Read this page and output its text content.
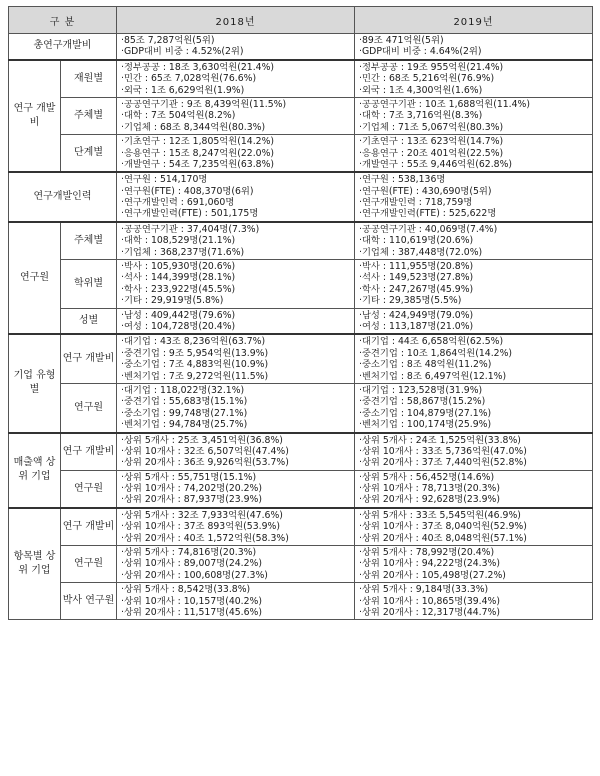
구 분		2018년	2019년
총연구개발비		·85조 7,287억원(5위)
·GDP대비 비중 : 4.52%(2위)	·89조 471억원(5위)
·GDP대비 비중 : 4.64%(2위)

연구 개발비	재원별	·정부공공 : 18조 3,630억원(21.4%)
·민간 : 65조 7,028억원(76.6%)
·외국 : 1조 6,629억원(1.9%)	·정부공공 : 19조 955억원(21.4%)
·민간 : 68조 5,216억원(76.9%)
·외국 : 1조 4,300억원(1.6%)

	주체별	·공공연구기관 : 9조 8,439억원(11.5%)
·대학 : 7조 504억원(8.2%)
·기업체 : 68조 8,344억원(80.3%)	·공공연구기관 : 10조 1,688억원(11.4%)
·대학 : 7조 3,716억원(8.3%)
·기업체 : 71조 5,067억원(80.3%)

	단계별	·기초연구 : 12조 1,805억원(14.2%)
·응용연구 : 15조 8,247억원(22.0%)
·개발연구 : 54조 7,235억원(63.8%)	·기초연구 : 13조 623억원(14.7%)
·응용연구 : 20조 401억원(22.5%)
·개발연구 : 55조 9,446억원(62.8%)

연구개발인력		·연구원 : 514,170명
·연구원(FTE) : 408,370명(6위)
·연구개발인력 : 691,060명
·연구개발인력(FTE) : 501,175명	·연구원 : 538,136명
·연구원(FTE) : 430,690명(5위)
·연구개발인력 : 718,759명
·연구개발인력(FTE) : 525,622명

연구원	주체별	·공공연구기관 : 37,404명(7.3%)
·대학 : 108,529명(21.1%)
·기업체 : 368,237명(71.6%)	·공공연구기관 : 40,069명(7.4%)
·대학 : 110,619명(20.6%)
·기업체 : 387,448명(72.0%)

	학위별	·박사 : 105,930명(20.6%)
·석사 : 144,399명(28.1%)
·학사 : 233,922명(45.5%)
·기타 : 29,919명(5.8%)	·박사 : 111,955명(20.8%)
·석사 : 149,523명(27.8%)
·학사 : 247,267명(45.9%)
·기타 : 29,385명(5.5%)

	성별	·남성 : 409,442명(79.6%)
·여성 : 104,728명(20.4%)	·남성 : 424,949명(79.0%)
·여성 : 113,187명(21.0%)

기업 유형별	연구 개발비	·대기업 : 43조 8,236억원(63.7%)
·중견기업 : 9조 5,954억원(13.9%)
·중소기업 : 7조 4,883억원(10.9%)
·벤처기업 : 7조 9,272억원(11.5%)	·대기업 : 44조 6,658억원(62.5%)
·중견기업 : 10조 1,864억원(14.2%)
·중소기업 : 8조 48억원(11.2%)
·벤처기업 : 8조 6,497억원(12.1%)

	연구원	·대기업 : 118,022명(32.1%)
·중견기업 : 55,683명(15.1%)
·중소기업 : 99,748명(27.1%)
·벤처기업 : 94,784명(25.7%)	·대기업 : 123,528명(31.9%)
·중견기업 : 58,867명(15.2%)
·중소기업 : 104,879명(27.1%)
·벤처기업 : 100,174명(25.9%)

매출액 상위 기업	연구 개발비	·상위 5개사 : 25조 3,451억원(36.8%)
·상위 10개사 : 32조 6,507억원(47.4%)
·상위 20개사 : 36조 9,926억원(53.7%)	·상위 5개사 : 24조 1,525억원(33.8%)
·상위 10개사 : 33조 5,736억원(47.0%)
·상위 20개사 : 37조 7,440억원(52.8%)

	연구원	·상위 5개사 : 55,751명(15.1%)
·상위 10개사 : 74,202명(20.2%)
·상위 20개사 : 87,937명(23.9%)	·상위 5개사 : 56,452명(14.6%)
·상위 10개사 : 78,713명(20.3%)
·상위 20개사 : 92,628명(23.9%)

항목별 상위 기업	연구 개발비	·상위 5개사 : 32조 7,933억원(47.6%)
·상위 10개사 : 37조 893억원(53.9%)
·상위 20개사 : 40조 1,572억원(58.3%)	·상위 5개사 : 33조 5,545억원(46.9%)
·상위 10개사 : 37조 8,040억원(52.9%)
·상위 20개사 : 40조 8,048억원(57.1%)

	연구원	·상위 5개사 : 74,816명(20.3%)
·상위 10개사 : 89,007명(24.2%)
·상위 20개사 : 100,608명(27.3%)	·상위 5개사 : 78,992명(20.4%)
·상위 10개사 : 94,222명(24.3%)
·상위 20개사 : 105,498명(27.2%)

	박사 연구원	·상위 5개사 : 8,542명(33.8%)
·상위 10개사 : 10,157명(40.2%)
·상위 20개사 : 11,517명(45.6%)	·상위 5개사 : 9,184명(33.3%)
·상위 10개사 : 10,865명(39.4%)
·상위 20개사 : 12,317명(44.7%)
